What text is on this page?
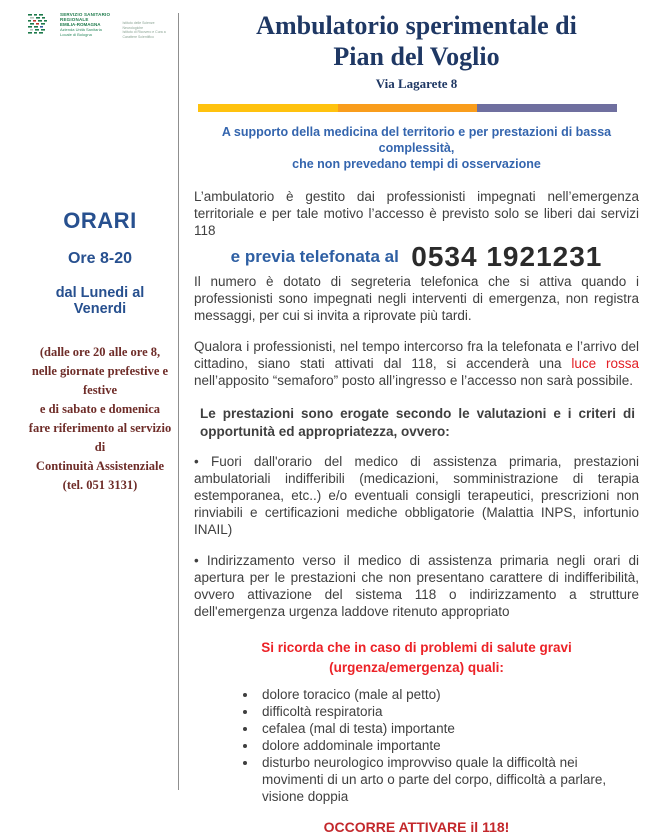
SERVIZIO SANITARIO REGIONALE
EMILIA-ROMAGNA
Azienda Unità Sanitaria Locale di Bologna
Istituto delle Scienze Neurologiche
Istituto di Ricovero e Cura a Carattere Scientifico
ORARI
Ore 8-20
dal Lunedi al Venerdi
(dalle ore 20 alle ore 8,
nelle giornate prefestive e festive
e di sabato e domenica
fare riferimento al servizio di
Continuità Assistenziale
(tel. 051 3131)
Ambulatorio sperimentale di
Pian del Voglio
Via Lagarete 8
A supporto della medicina del territorio e per prestazioni di bassa complessità,
che non prevedano tempi di osservazione
L’ambulatorio è gestito dai professionisti impegnati nell’emergenza territoriale e per tale motivo l’accesso è previsto solo se liberi dai servizi 118
e previa telefonata al 0534 1921231
Il numero è dotato di segreteria telefonica che si attiva quando i professionisti sono impegnati negli interventi di emergenza, non registra messaggi, per cui si invita a riprovate più tardi.
Qualora i professionisti, nel tempo intercorso fra la telefonata e l’arrivo del cittadino, siano stati attivati dal 118, si accenderà una luce rossa nell’apposito “semaforo” posto all’ingresso e l’accesso non sarà possibile.
Le prestazioni sono erogate secondo le valutazioni e i criteri di opportunità ed appropriatezza, ovvero:
• Fuori dall'orario del medico di assistenza primaria, prestazioni ambulatoriali indifferibili (medicazioni, somministrazione di terapia estemporanea, etc..) e/o eventuali consigli terapeutici, prescrizioni non rinviabili e certificazioni mediche obbligatorie (Malattia INPS, infortunio INAIL)
• Indirizzamento verso il medico di assistenza primaria negli orari di apertura per le prestazioni che non presentano carattere di indifferibilità, ovvero attivazione del sistema 118 o indirizzamento a strutture dell'emergenza urgenza laddove ritenuto appropriato
Si ricorda che in caso di problemi di salute gravi
(urgenza/emergenza) quali:
• dolore toracico (male al petto)
• difficoltà respiratoria
• cefalea (mal di testa) importante
• dolore addominale importante
• disturbo neurologico improvviso quale la difficoltà nei movimenti di un arto o parte del corpo, difficoltà a parlare, visione doppia
OCCORRE ATTIVARE il 118!
